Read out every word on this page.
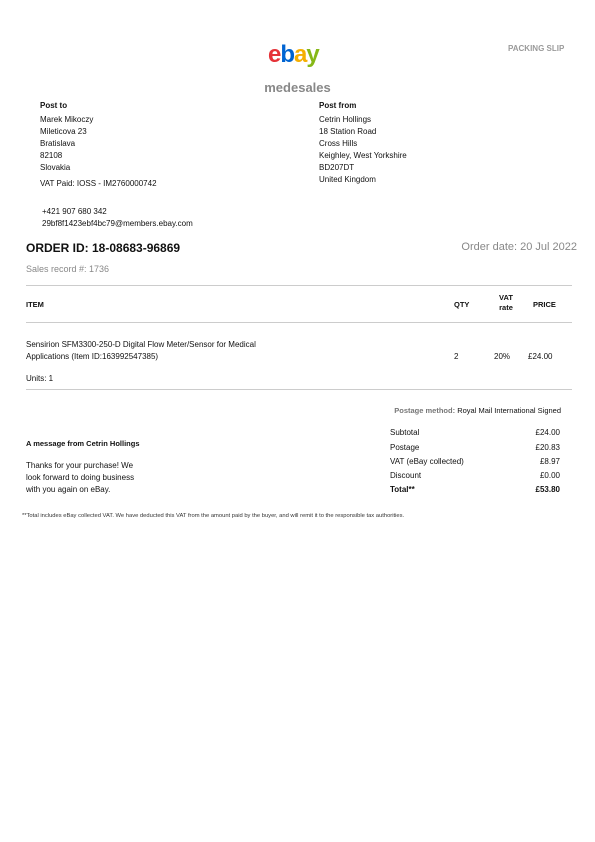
ebay	PACKING SLIP
medesales
Post to
Marek Mikoczy
Mileticova 23
Bratislava
82108
Slovakia
VAT Paid: IOSS - IM2760000742
+421 907 680 342
29bf8f1423ebf4bc79@members.ebay.com
Post from
Cetrin Hollings
18 Station Road
Cross Hills
Keighley, West Yorkshire
BD207DT
United Kingdom
ORDER ID: 18-08683-96869	Order date: 20 Jul 2022
Sales record #: 1736
ITEM	QTY
VAT
rate	PRICE
Sensirion SFM3300-250-D Digital Flow Meter/Sensor for Medical
Applications (Item ID:163992547385)	2	20% £24.00
Units: 1
Postage method: Royal Mail International Signed
A message from Cetrin Hollings
Thanks for your purchase! We
look forward to doing business
with you again on eBay.
Subtotal	£24.00
Postage	£20.83
VAT (eBay collected)	£8.97
Discount	£0.00
Total**	£53.80
**Total includes eBay collected VAT. We have deducted this VAT from the amount paid by the buyer, and will remit it to the responsible tax authorities.
